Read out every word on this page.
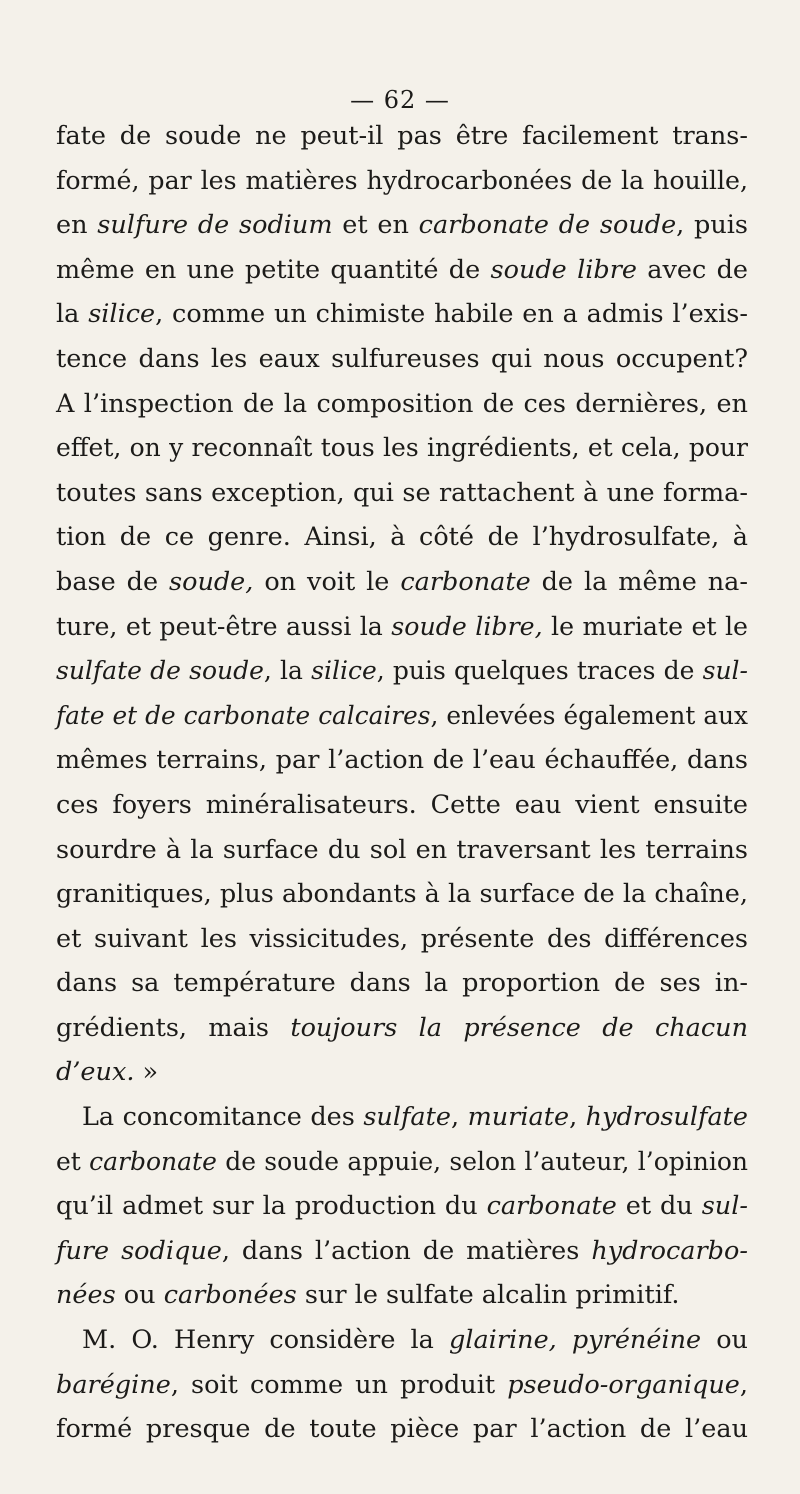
— 62 —
fate de soude ne peut-il pas être facilement trans-
formé, par les matières hydrocarbonées de la houille,
en sulfure de sodium et en carbonate de soude, puis
même en une petite quantité de soude libre avec de
la silice, comme un chimiste habile en a admis l’exis-
tence dans les eaux sulfureuses qui nous occupent?
A l’inspection de la composition de ces dernières, en
effet, on y reconnaît tous les ingrédients, et cela, pour
toutes sans exception, qui se rattachent à une forma-
tion de ce genre. Ainsi, à côté de l’hydrosulfate, à
base de soude, on voit le carbonate de la même na-
ture, et peut-être aussi la soude libre, le muriate et le
sulfate de soude, la silice, puis quelques traces de sul-
fate et de carbonate calcaires, enlevées également aux
mêmes terrains, par l’action de l’eau échauffée, dans
ces foyers minéralisateurs. Cette eau vient ensuite
sourdre à la surface du sol en traversant les terrains
granitiques, plus abondants à la surface de la chaîne,
et suivant les vissicitudes, présente des différences
dans sa température dans la proportion de ses in-
grédients, mais toujours la présence de chacun
d’eux. »
La concomitance des sulfate, muriate, hydrosulfate
et carbonate de soude appuie, selon l’auteur, l’opinion
qu’il admet sur la production du carbonate et du sul-
fure sodique, dans l’action de matières hydrocarbo-
nées ou carbonées sur le sulfate alcalin primitif.
M. O. Henry considère la glairine, pyrénéine ou
barégine, soit comme un produit pseudo-organique,
formé presque de toute pièce par l’action de l’eau
